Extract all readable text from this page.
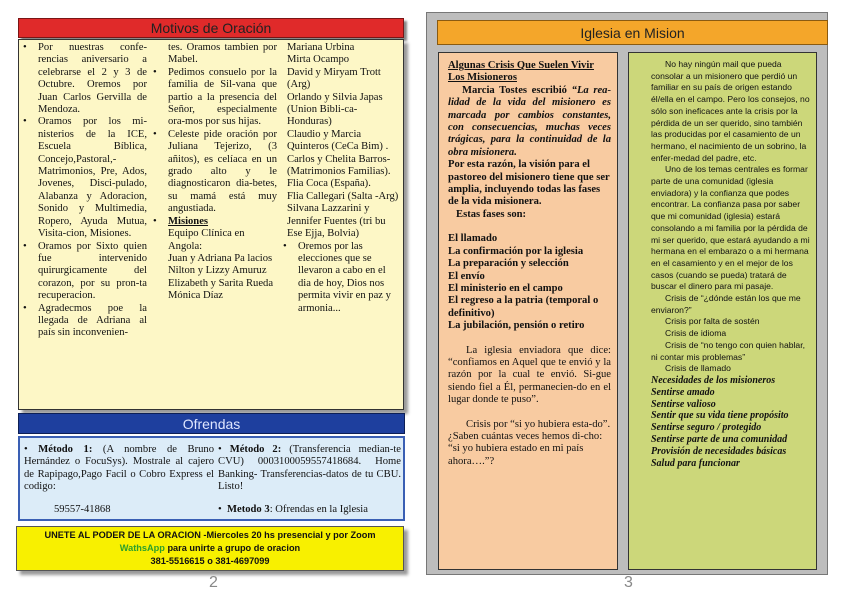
Motivos de Oración
• Por nuestras confe-rencias aniversario a celebrarse el 2 y 3 de Octubre. Oremos por Juan Carlos Gervilla de Mendoza.
• Oramos por los mi-nisterios de la ICE, Escuela Bíblica, Concejo,Pastoral,-Matrimonios, Pre, Ados, Jovenes, Disci-pulado, Alabanza y Adoracion, Sonido y Multimedia, Ropero, Ayuda Mutua, Visita-cion, Misiones.
• Oramos por Sixto quien fue intervenido quirurgicamente del corazon, por su pron-ta recuperacion.
• Agradecmos poe la llegada de Adriana al país sin inconvenien-
tes. Oramos tambien por Mabel.
• Pedimos consuelo por la familia de Sil-vana que partio a la presencia del Señor, especialmente ora-mos por sus hijas.
• Celeste pide oración por Juliana Tejerizo, (3 añitos), es celíaca en un grado alto y le diagnosticaron dia-betes, su mamá está muy angustiada.
• Misiones
Equipo Clínica en Angola:
Juan y Adriana Pa lacios
Nilton y Lizzy Amuruz
Elizabeth y Sarita Rueda
Mónica Díaz
Mariana Urbina
Mirta Ocampo
David y Miryam Trott (Arg)
Orlando y Silvia Japas (Union Bibli-ca-Honduras)
Claudio y Marcia Quinteros (CeCa Bim) .
Carlos y Chelita Barros- (Matrimonios Familias).
Flia Coca (España).
Flia Callegari (Salta -Arg)
Silvana Lazzarini y Jennifer Fuentes (tri bu Ese Ejja, Bolvia)
• Oremos por las elecciones que se llevaron a cabo en el dia de hoy, Dios nos permita vivir en paz y armonia...
Ofrendas
• Método 1: (A nombre de Bruno Hernández o FocuSys). Mostrale al cajero de Rapipago,Pago Facil o Cobro Express el codigo:
• Método 2: (Transferencia median-te CVU) 0003100059557418684. Home Banking- Transferencias-datos de tu CBU. Listo!
59557-41868	•  Metodo 3: Ofrendas en la Iglesia
UNETE AL PODER DE LA ORACION -Miercoles 20 hs presencial y por Zoom
WathsApp para unirte a grupo de oracion
381-5516615 o 381-4697099
2
Iglesia en Mision

Algunas Crisis Que Suelen Vivir Los Misioneros

Marcia Tostes escribió “La rea-lidad de la vida del misionero es marcada por cambios constantes, con consecuencias, muchas veces trágicas, para la continuidad de la obra misionera.

Por esta razón, la visión para el pastoreo del misionero tiene que ser amplia, incluyendo todas las fases de la vida misionera.

Estas fases son:

El llamado

La confirmación por la iglesia

La preparación y selección

El envío

El ministerio en el campo

El regreso a la patria (temporal o definitivo)

La jubilación, pensión o retiro

La iglesia enviadora que dice: “confiamos en Aquel que te envió y la razón por la cual te envió. Si-gue siendo fiel a Él, permanecien-do en el lugar donde te puso”.

Crisis por “si yo hubiera esta-do”.

¿Saben cuántas veces hemos di-cho: “si yo hubiera estado en mi país ahora….”?

No hay ningún mail que pueda consolar a un misionero que perdió un familiar en su país de origen estando él/ella en el campo. Pero los consejos, no sólo son ineficaces ante la crisis por la pérdida de un ser querido, sino también las producidas por el casamiento de un hermano, el nacimiento de un sobrino, la enfer-medad del padre, etc.

Uno de los temas centrales es formar parte de una comunidad (iglesia enviadora) y la confianza que podes encontrar. La confianza pasa por saber que mi comunidad (iglesia) estará consolando a mi familia por la pérdida de mi ser querido, que estará ayudando a mi hermana en el embarazo o a mi hermana en el casamiento y en el mejor de los casos (cuando se pueda) tratará de buscar el dinero para mi pasaje.

Crisis de “¿dónde están los que me enviaron?”

Crisis por falta de sostén

Crisis de idioma

Crisis de “no tengo con quien hablar, ni contar mis problemas”

Crisis de llamado

Necesidades de los misioneros

Sentirse amado

Sentirse valioso

Sentir que su vida tiene propósito

Sentirse seguro / protegido

Sentirse parte de una comunidad

Provisión de necesidades básicas

Salud para funcionar

3
